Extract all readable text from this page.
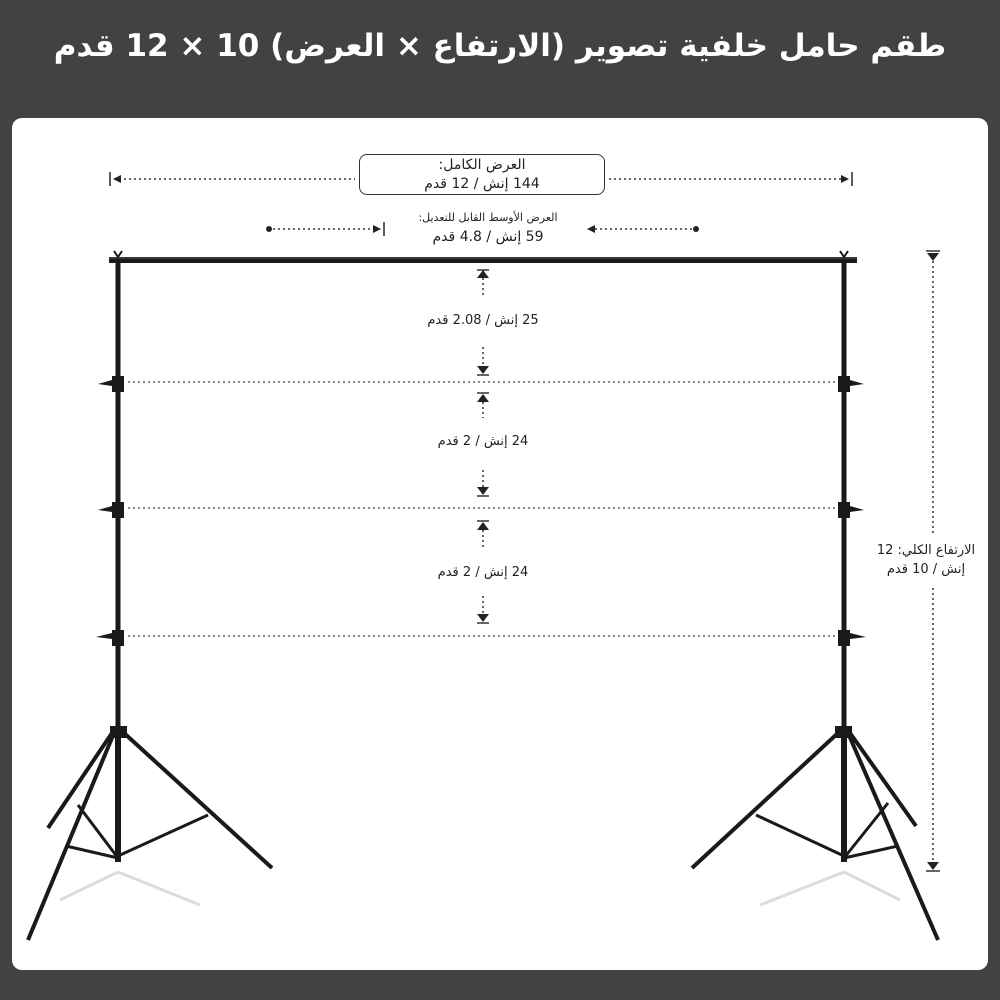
طقم حامل خلفية تصوير (الارتفاع × العرض) 10 × 12 قدم
العرض الكامل:
144 إنش / 12 قدم
العرض الأوسط القابل للتعديل:
59 إنش / 4.8 قدم
25 إنش / 2.08 قدم
24 إنش / 2 قدم
24 إنش / 2 قدم
الارتفاع الكلي: 12
إنش / 10 قدم
